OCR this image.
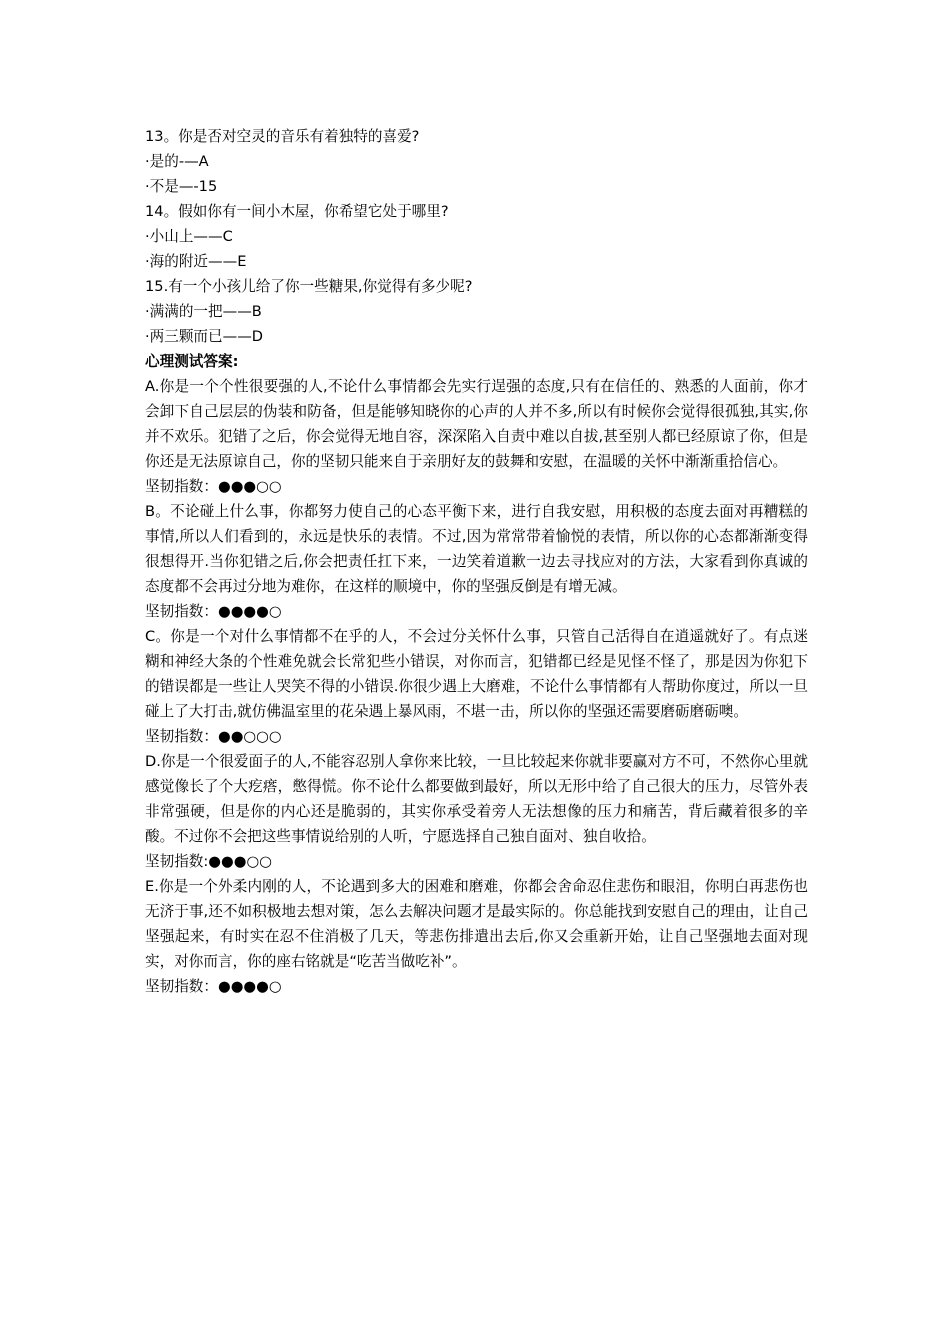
13。你是否对空灵的音乐有着独特的喜爱?
·是的-—A
·不是—-15
14。假如你有一间小木屋，你希望它处于哪里?
·小山上——C
·海的附近——E
15.有一个小孩儿给了你一些糖果,你觉得有多少呢?
·满满的一把——B
·两三颗而已——D
心理测试答案:
A.你是一个个性很要强的人,不论什么事情都会先实行逞强的态度,只有在信任的、熟悉的人面前，你才会卸下自己层层的伪装和防备，但是能够知晓你的心声的人并不多,所以有时候你会觉得很孤独,其实,你并不欢乐。犯错了之后，你会觉得无地自容，深深陷入自责中难以自拔,甚至别人都已经原谅了你，但是你还是无法原谅自己，你的坚韧只能来自于亲朋好友的鼓舞和安慰，在温暖的关怀中渐渐重拾信心。
坚韧指数：●●●○○
B。不论碰上什么事，你都努力使自己的心态平衡下来，进行自我安慰，用积极的态度去面对再糟糕的事情,所以人们看到的，永远是快乐的表情。不过,因为常常带着愉悦的表情，所以你的心态都渐渐变得很想得开.当你犯错之后,你会把责任扛下来，一边笑着道歉一边去寻找应对的方法，大家看到你真诚的态度都不会再过分地为难你，在这样的顺境中，你的坚强反倒是有增无减。
坚韧指数：●●●●○
C。你是一个对什么事情都不在乎的人，不会过分关怀什么事，只管自己活得自在逍遥就好了。有点迷糊和神经大条的个性难免就会长常犯些小错误，对你而言，犯错都已经是见怪不怪了，那是因为你犯下的错误都是一些让人哭笑不得的小错误.你很少遇上大磨难，不论什么事情都有人帮助你度过，所以一旦碰上了大打击,就仿佛温室里的花朵遇上暴风雨，不堪一击，所以你的坚强还需要磨砺磨砺噢。
坚韧指数：●●○○○
D.你是一个很爱面子的人,不能容忍别人拿你来比较，一旦比较起来你就非要赢对方不可，不然你心里就感觉像长了个大疙瘩，憋得慌。你不论什么都要做到最好，所以无形中给了自己很大的压力，尽管外表非常强硬，但是你的内心还是脆弱的，其实你承受着旁人无法想像的压力和痛苦，背后藏着很多的辛酸。不过你不会把这些事情说给别的人听，宁愿选择自己独自面对、独自收拾。
坚韧指数:●●●○○
E.你是一个外柔内刚的人，不论遇到多大的困难和磨难，你都会舍命忍住悲伤和眼泪，你明白再悲伤也无济于事,还不如积极地去想对策，怎么去解决问题才是最实际的。你总能找到安慰自己的理由，让自己坚强起来，有时实在忍不住消极了几天，等悲伤排遣出去后,你又会重新开始，让自己坚强地去面对现实，对你而言，你的座右铭就是“吃苦当做吃补”。
坚韧指数：●●●●○
